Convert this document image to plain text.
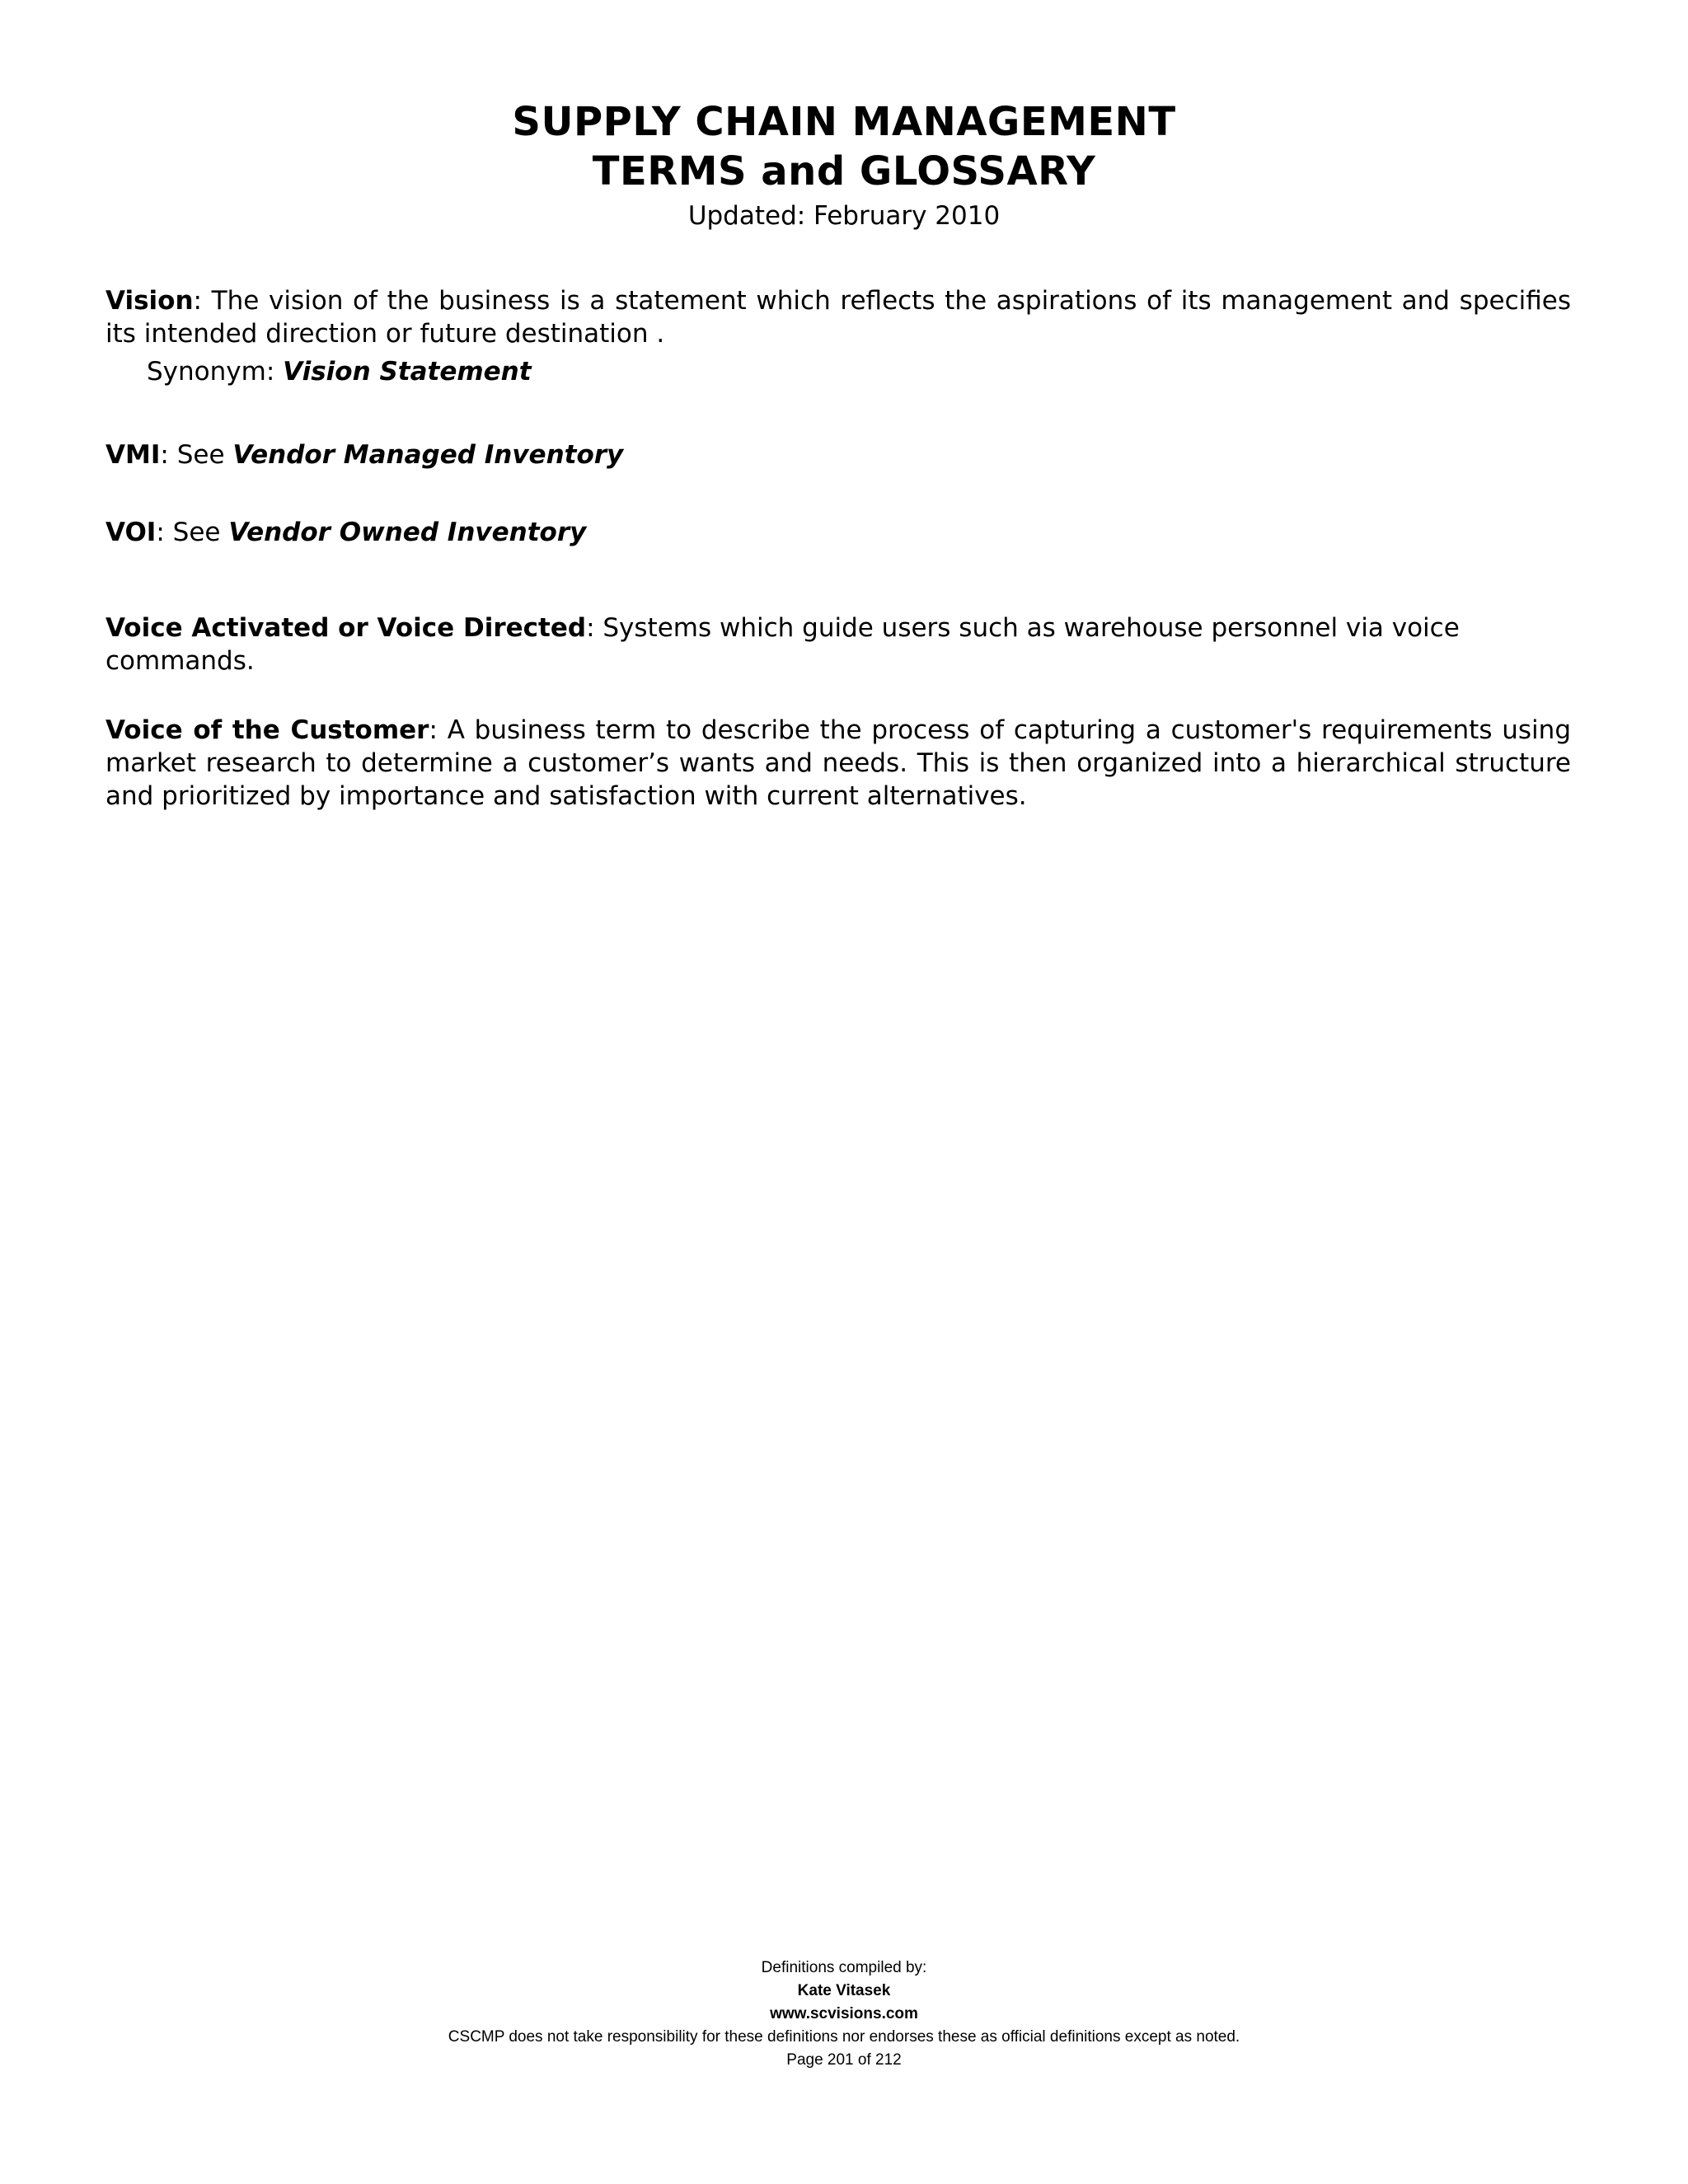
SUPPLY CHAIN MANAGEMENT
TERMS and GLOSSARY
Updated: February 2010
Vision: The vision of the business is a statement which reflects the aspirations of its management and specifies its intended direction or future destination .
Synonym: Vision Statement
VMI: See Vendor Managed Inventory
VOI: See Vendor Owned Inventory
Voice Activated or Voice Directed: Systems which guide users such as warehouse personnel via voice commands.
Voice of the Customer: A business term to describe the process of capturing a customer's requirements using market research to determine a customer’s wants and needs. This is then organized into a hierarchical structure and prioritized by importance and satisfaction with current alternatives.
Definitions compiled by:
Kate Vitasek
www.scvisions.com
CSCMP does not take responsibility for these definitions nor endorses these as official definitions except as noted.
Page 201 of 212
